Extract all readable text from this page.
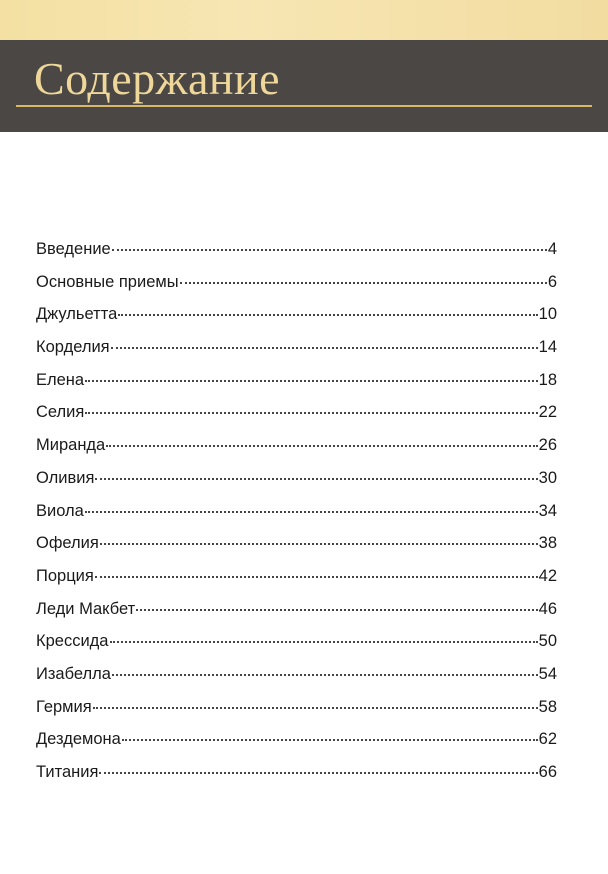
Содержание
Введение	4
Основные приемы	6
Джульетта	10
Корделия	14
Елена	18
Селия	22
Миранда	26
Оливия	30
Виола	34
Офелия	38
Порция	42
Леди Макбет	46
Крессида	50
Изабелла	54
Гермия	58
Дездемона	62
Титания	66
